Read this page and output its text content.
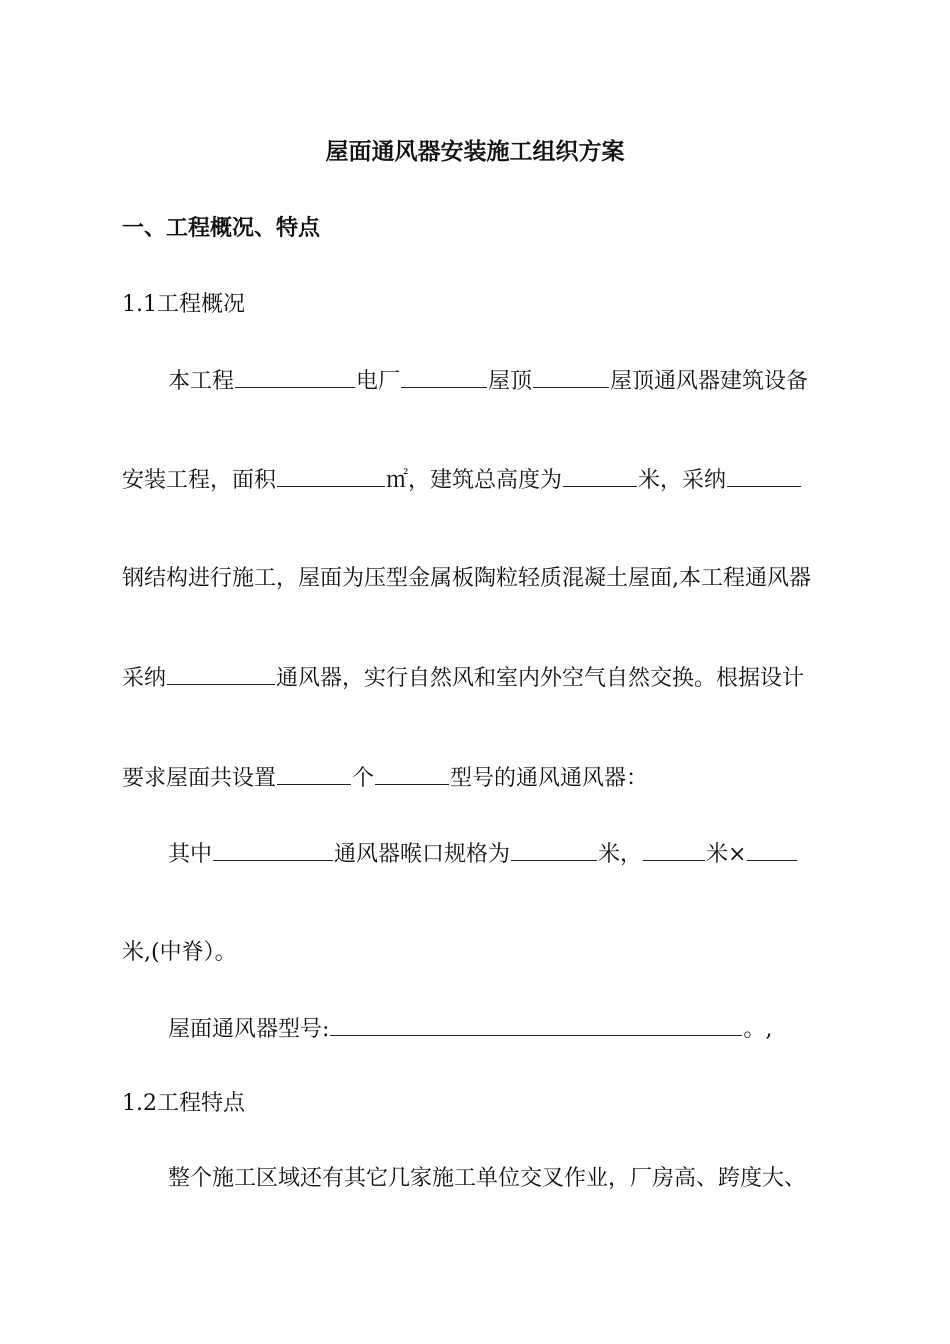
屋面通风器安装施工组织方案
一、工程概况、特点
1.1工程概况
本工程	电厂	屋顶	屋顶通风器建筑设备
安装工程，面积	㎡，建筑总高度为	米，采纳
钢结构进行施工，屋面为压型金属板陶粒轻质混凝土屋面,本工程通风器
采纳	通风器，实行自然风和室内外空气自然交换。根据设计
要求屋面共设置	个	型号的通风通风器：
其中	通风器喉口规格为	米，	米×
米,(中脊）。
屋面通风器型号:	。,
1.2工程特点
整个施工区域还有其它几家施工单位交叉作业，厂房高、跨度大、
